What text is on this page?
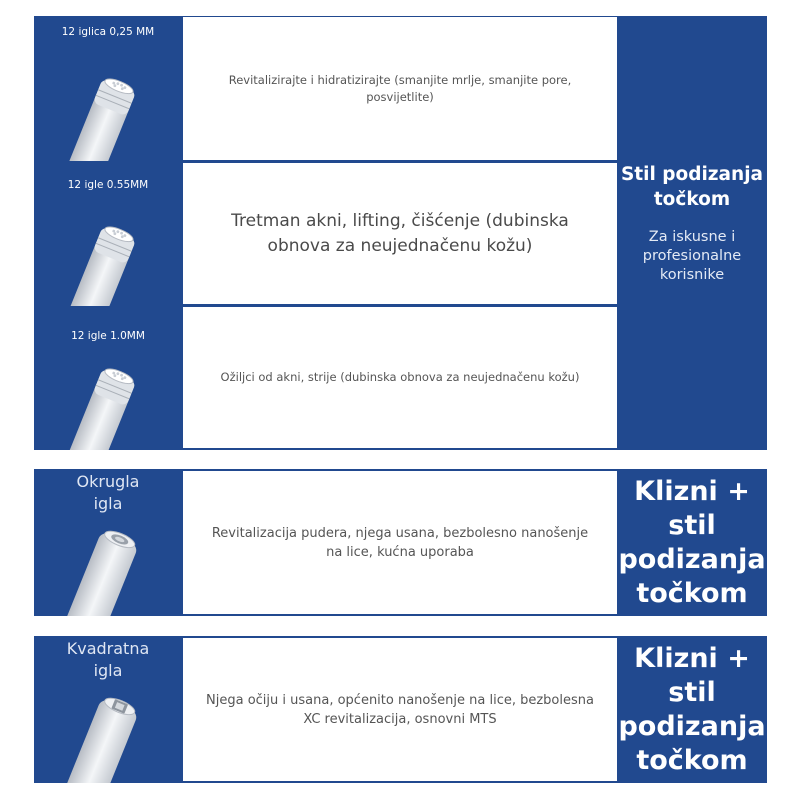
12 iglica 0,25 MM
Revitalizirajte i hidratizirajte (smanjite mrlje, smanjite pore, posvijetlite)
12 igle 0.55MM
Tretman akni, lifting, čišćenje (dubinska obnova za neujednačenu kožu)
12 igle 1.0MM
Ožiljci od akni, strije (dubinska obnova za neujednačenu kožu)
Stil podizanja točkom
Za iskusne i profesionalne korisnike
Okrugla igla
Revitalizacija pudera, njega usana, bezbolesno nanošenje na lice, kućna uporaba
Klizni + stil podizanja točkom
Kvadratna igla
Njega očiju i usana, općenito nanošenje na lice, bezbolesna XC revitalizacija, osnovni MTS
Klizni + stil podizanja točkom
